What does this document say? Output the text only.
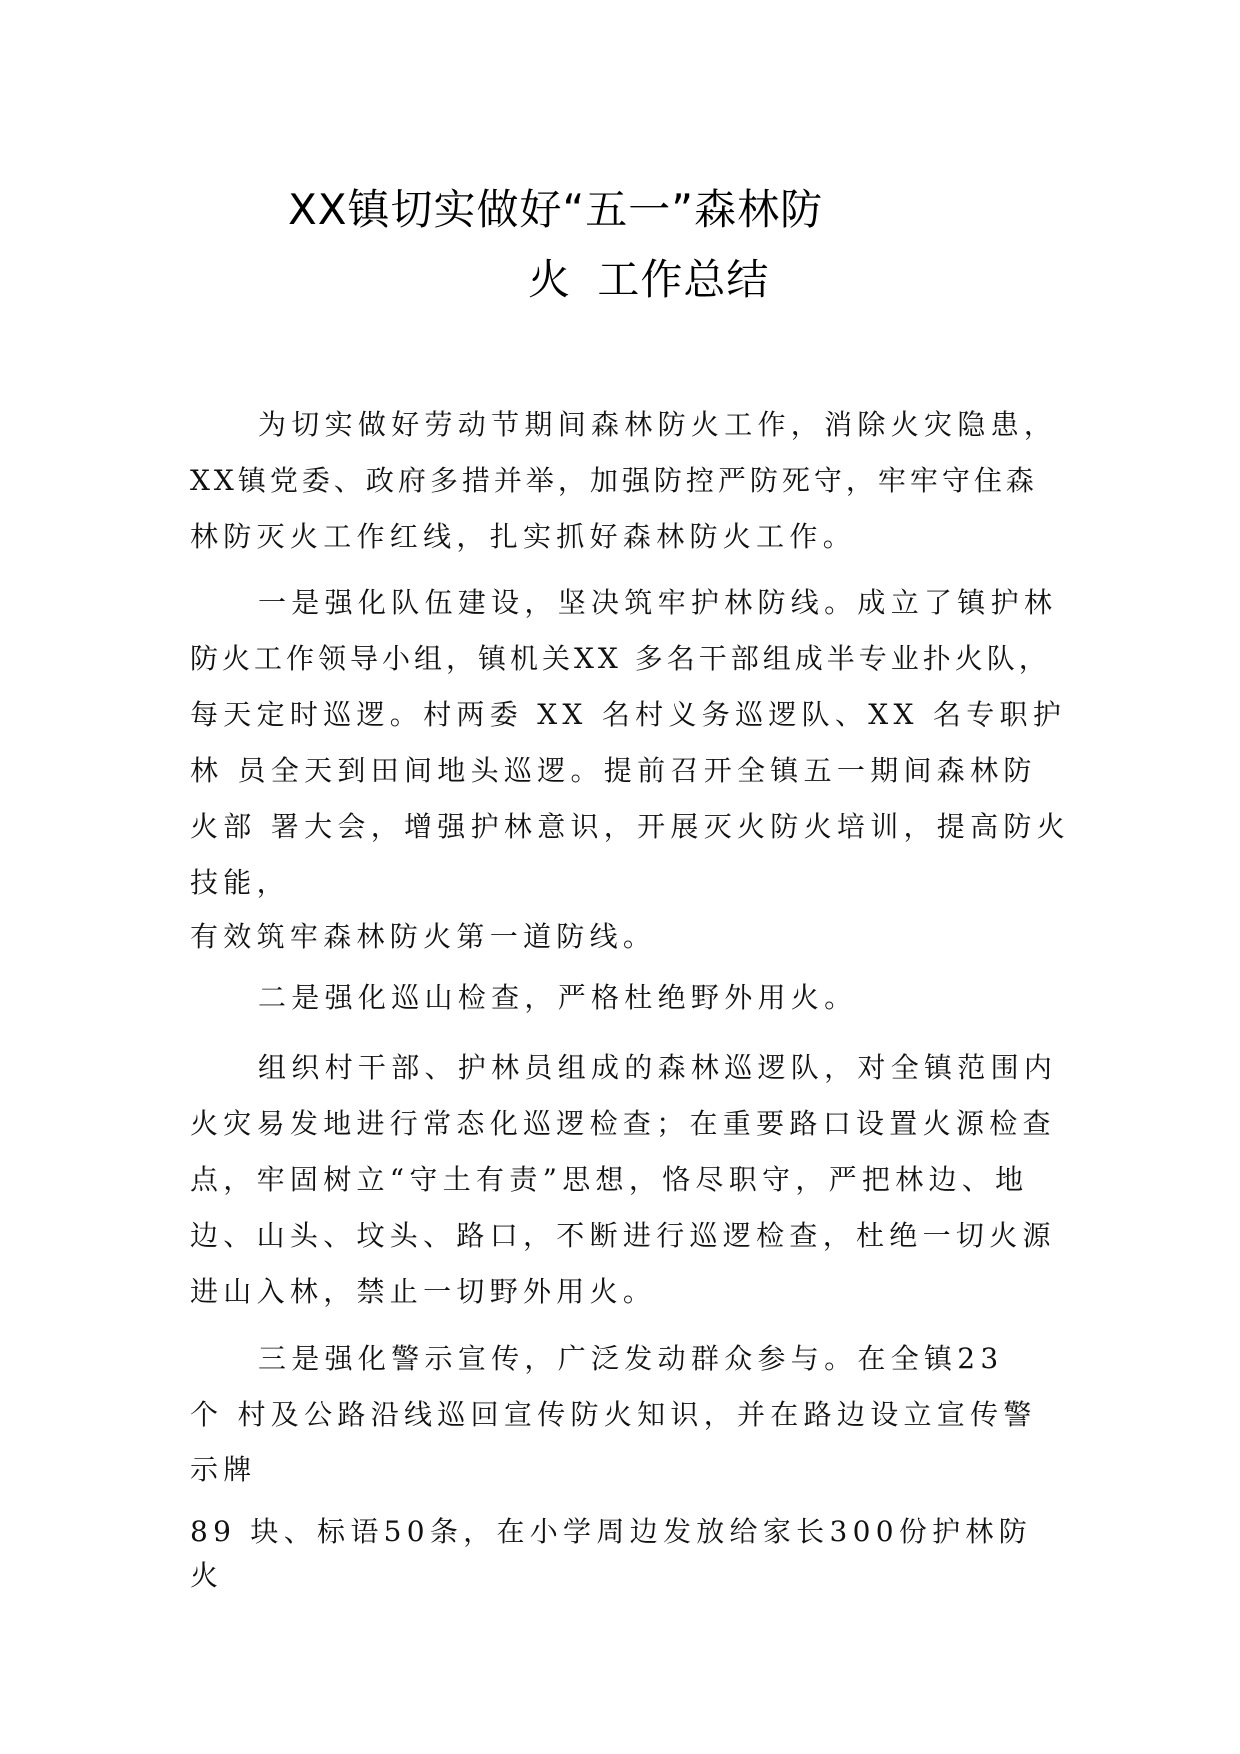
XX镇切实做好“五一”森林防
火 工作总结
为切实做好劳动节期间森林防火工作，消除火灾隐患，
XX镇党委、政府多措并举，加强防控严防死守，牢牢守住森
林防灭火工作红线，扎实抓好森林防火工作。
一是强化队伍建设，坚决筑牢护林防线。成立了镇护林
防火工作领导小组，镇机关XX 多名干部组成半专业扑火队，
每天定时巡逻。村两委 XX 名村义务巡逻队、XX 名专职护
林 员全天到田间地头巡逻。提前召开全镇五一期间森林防
火部 署大会，增强护林意识，开展灭火防火培训，提高防火
技能，
有效筑牢森林防火第一道防线。
二是强化巡山检查，严格杜绝野外用火。
组织村干部、护林员组成的森林巡逻队，对全镇范围内
火灾易发地进行常态化巡逻检查；在重要路口设置火源检查
点，牢固树立“守土有责”思想，恪尽职守，严把林边、地
边、山头、坟头、路口，不断进行巡逻检查，杜绝一切火源
进山入林，禁止一切野外用火。
三是强化警示宣传，广泛发动群众参与。在全镇23
个 村及公路沿线巡回宣传防火知识，并在路边设立宣传警
示牌
89 块、标语50条，在小学周边发放给家长300份护林防
火
